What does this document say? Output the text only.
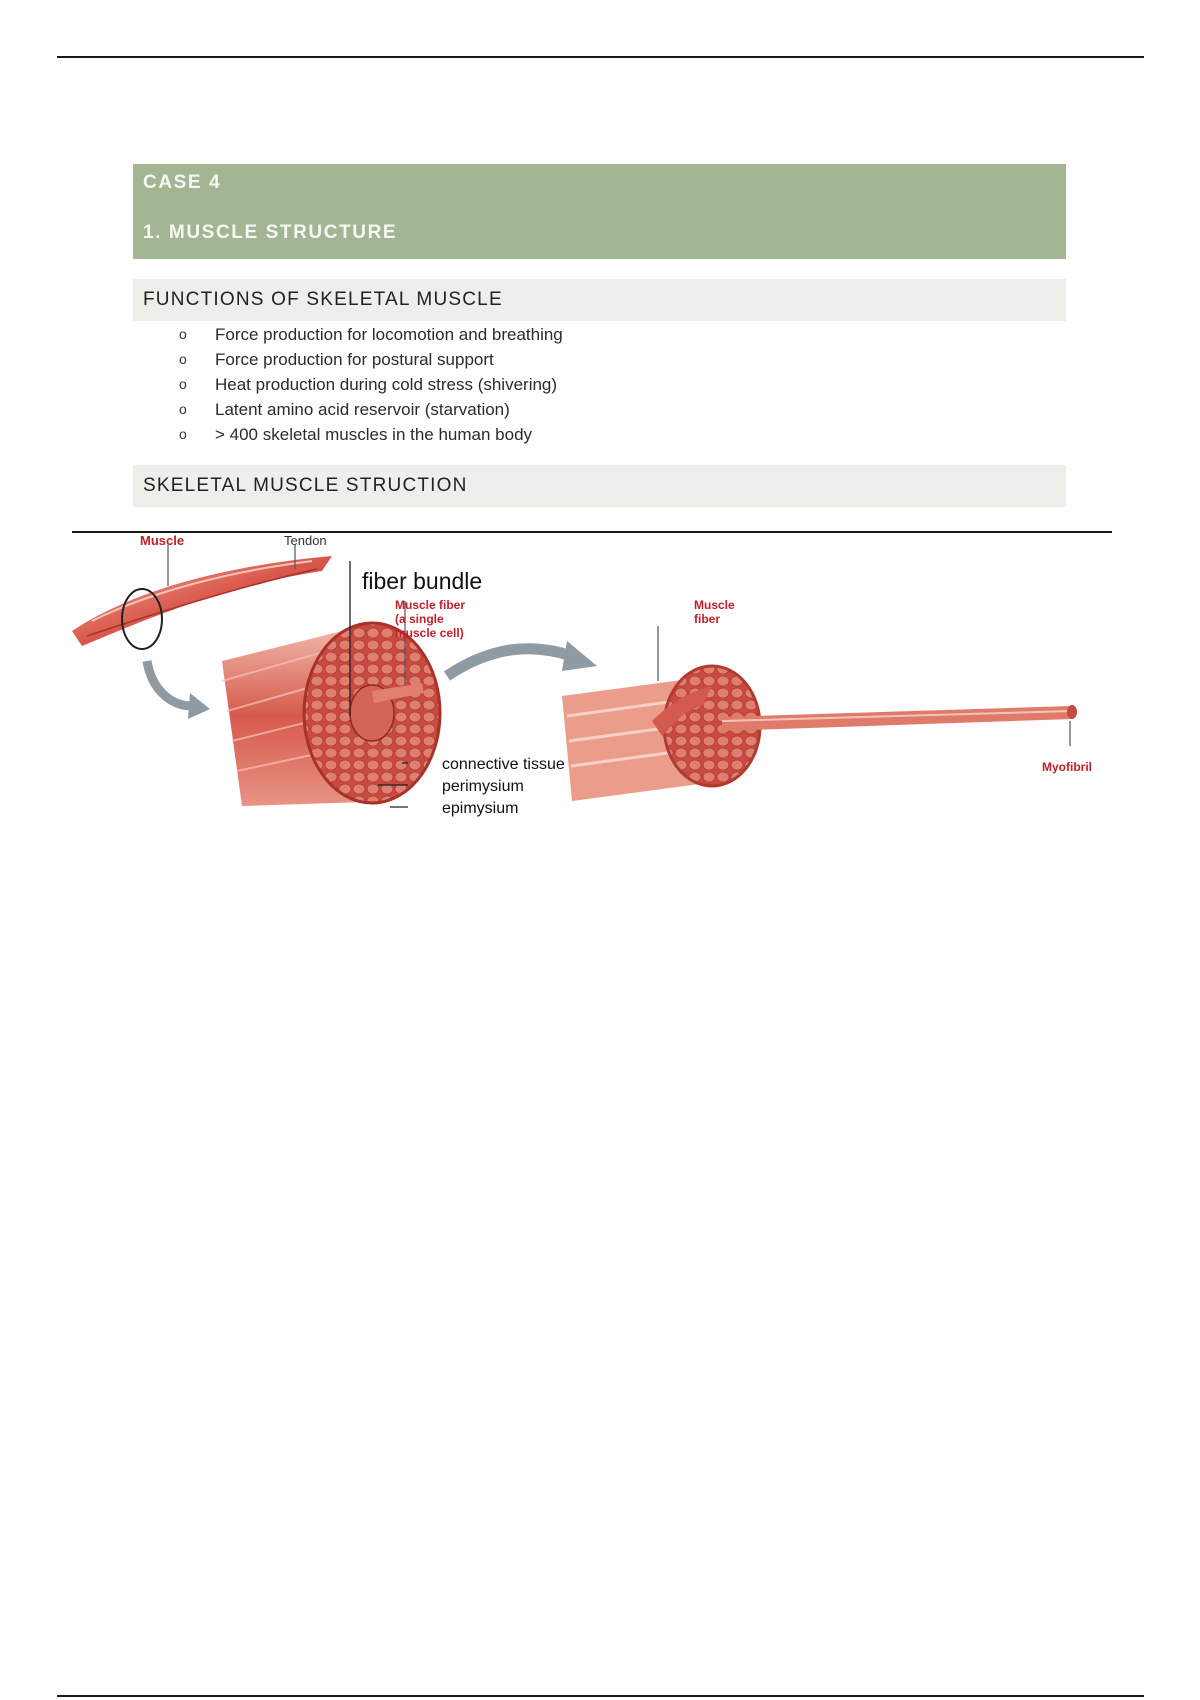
CASE 4
1. MUSCLE STRUCTURE
FUNCTIONS OF SKELETAL MUSCLE
o Force production for locomotion and breathing
o Force production for postural support
o Heat production during cold stress (shivering)
o Latent amino acid reservoir (starvation)
o > 400 skeletal muscles in the human body
SKELETAL MUSCLE STRUCTION
Muscle	Tendon
fiber bundle
Muscle fiber
(a single
muscle cell)
Muscle
fiber
connective tissue
perimysium
epimysium
Myofibril
